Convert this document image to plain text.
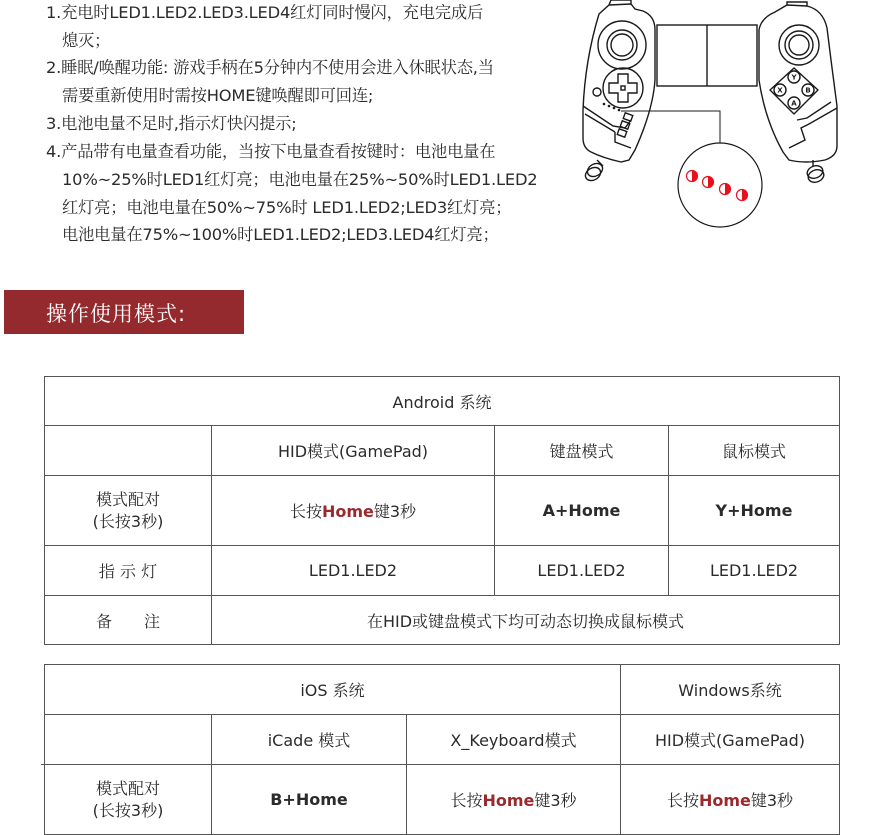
1.充电时LED1.LED2.LED3.LED4红灯同时慢闪，充电完成后
熄灭；
2.睡眠/唤醒功能: 游戏手柄在5分钟内不使用会进入休眠状态,当
需要重新使用时需按HOME键唤醒即可回连;
3.电池电量不足时,指示灯快闪提示;
4.产品带有电量查看功能，当按下电量查看按键时：电池电量在
10%~25%时LED1红灯亮；电池电量在25%~50%时LED1.LED2
红灯亮；电池电量在50%~75%时 LED1.LED2;LED3红灯亮；
电池电量在75%~100%时LED1.LED2;LED3.LED4红灯亮；
Y
X	B
A
操作使用模式:
Android 系统			
	HID模式(GamePad)	键盘模式	鼠标模式

模式配对
(长按3秒)	长按Home键3秒	A+Home	Y+Home
指 示 灯	LED1.LED2	LED1.LED2	LED1.LED2
备　　注	在HID或键盘模式下均可动态切换成鼠标模式		
iOS 系统			Windows系统
	iCade 模式	X_Keyboard模式	HID模式(GamePad)

模式配对
(长按3秒)	B+Home	长按Home键3秒	长按Home键3秒
